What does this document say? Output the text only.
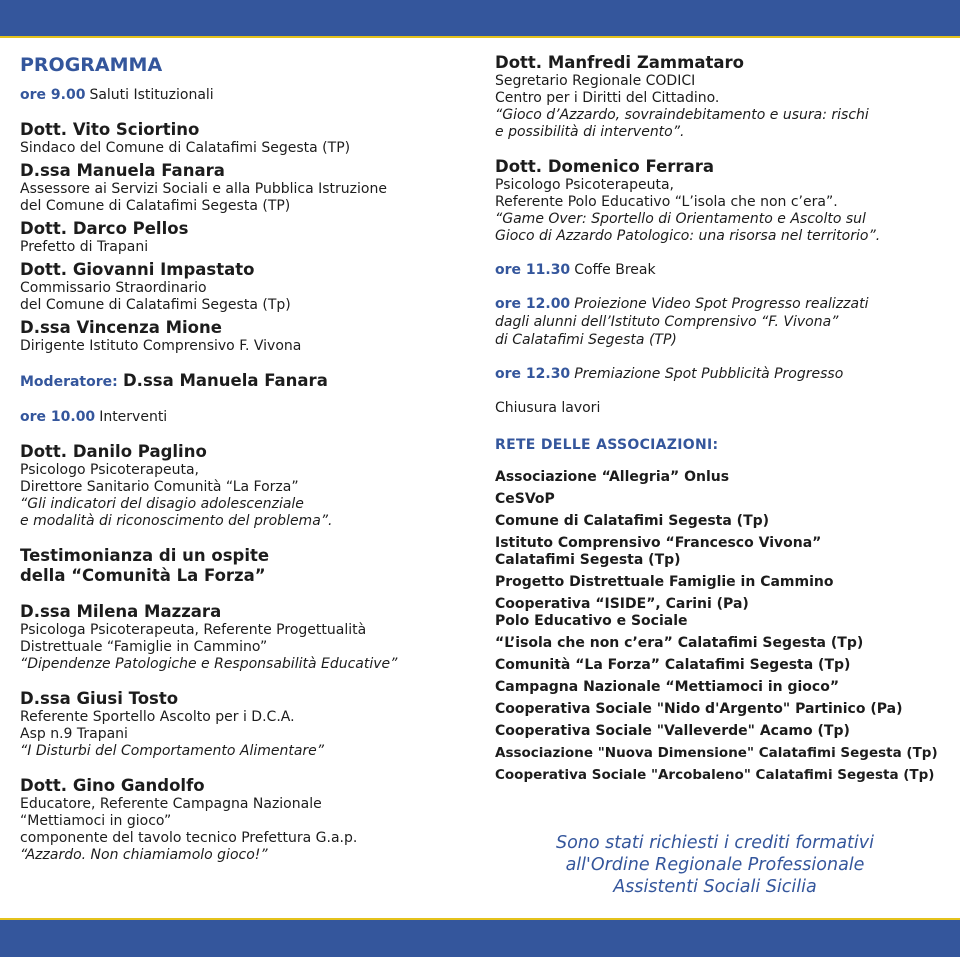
PROGRAMMA

ore 9.00 Saluti Istituzionali

Dott. Vito Sciortino

Sindaco del Comune di Calatafimi Segesta (TP)

D.ssa Manuela Fanara

Assessore ai Servizi Sociali e alla Pubblica Istruzione

del Comune di Calatafimi Segesta (TP)

Dott. Darco Pellos

Prefetto di Trapani

Dott. Giovanni Impastato

Commissario Straordinario

del Comune di Calatafimi Segesta (Tp)

D.ssa Vincenza Mione

Dirigente Istituto Comprensivo F. Vivona

Moderatore: D.ssa Manuela Fanara

ore 10.00 Interventi

Dott. Danilo Paglino

Psicologo Psicoterapeuta,

Direttore Sanitario Comunità “La Forza”

“Gli indicatori del disagio adolescenziale

e modalità di riconoscimento del problema”.

Testimonianza di un ospite

della “Comunità La Forza”

D.ssa Milena Mazzara

Psicologa Psicoterapeuta, Referente Progettualità

Distrettuale “Famiglie in Cammino”

“Dipendenze Patologiche e Responsabilità Educative”

D.ssa Giusi Tosto

Referente Sportello Ascolto per i D.C.A.

Asp n.9 Trapani

“I Disturbi del Comportamento Alimentare”

Dott. Gino Gandolfo

Educatore, Referente Campagna Nazionale

“Mettiamoci in gioco”

componente del tavolo tecnico Prefettura G.a.p.

“Azzardo. Non chiamiamolo gioco!”

Dott. Manfredi Zammataro

Segretario Regionale CODICI

Centro per i Diritti del Cittadino.

“Gioco d’Azzardo, sovraindebitamento e usura: rischi

e possibilità di intervento”.

Dott. Domenico Ferrara

Psicologo Psicoterapeuta,

Referente Polo Educativo “L’isola che non c’era”.

“Game Over: Sportello di Orientamento e Ascolto sul

Gioco di Azzardo Patologico: una risorsa nel territorio”.

ore 11.30 Coffe Break

ore 12.00 Proiezione Video Spot Progresso realizzati

dagli alunni dell’Istituto Comprensivo “F. Vivona”

di Calatafimi Segesta (TP)

ore 12.30 Premiazione Spot Pubblicità Progresso

Chiusura lavori

RETE DELLE ASSOCIAZIONI:

Associazione “Allegria” Onlus

CeSVoP

Comune di Calatafimi Segesta (Tp)

Istituto Comprensivo “Francesco Vivona”

Calatafimi Segesta (Tp)

Progetto Distrettuale Famiglie in Cammino

Cooperativa “ISIDE”, Carini (Pa)

Polo Educativo e Sociale

“L’isola che non c’era” Calatafimi Segesta (Tp)

Comunità “La Forza” Calatafimi Segesta (Tp)

Campagna Nazionale “Mettiamoci in gioco”

Cooperativa Sociale "Nido d'Argento" Partinico (Pa)

Cooperativa Sociale "Valleverde" Acamo (Tp)

Associazione "Nuova Dimensione" Calatafimi Segesta (Tp)

Cooperativa Sociale "Arcobaleno" Calatafimi Segesta (Tp)

Sono stati richiesti i crediti formativi
all'Ordine Regionale Professionale
Assistenti Sociali Sicilia
